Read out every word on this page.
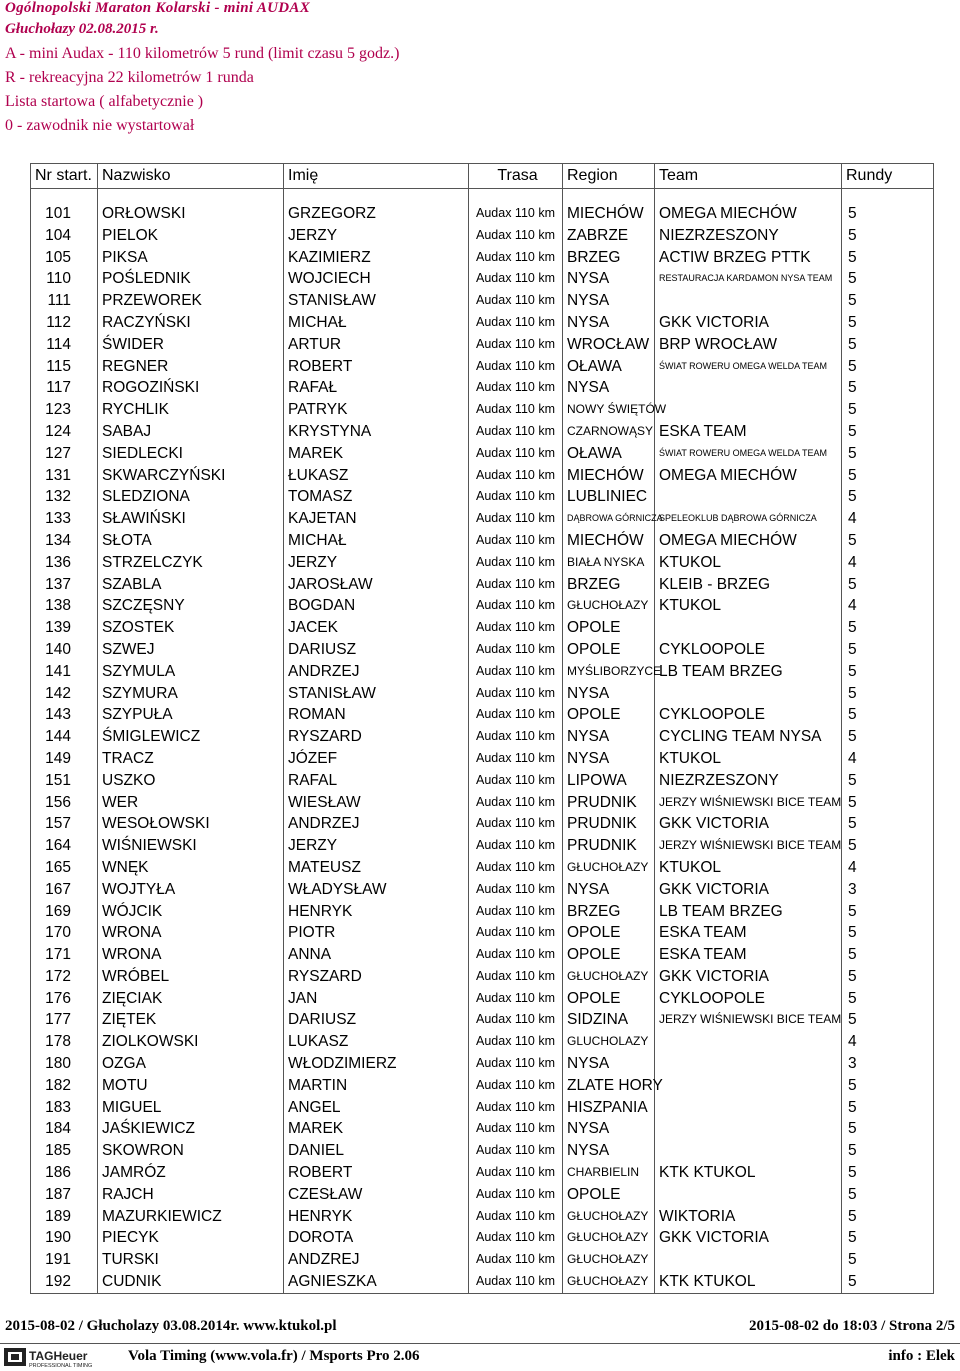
Ogólnopolski Maraton Kolarski - mini AUDAX
Głuchołazy 02.08.2015 r.
A - mini Audax - 110 kilometrów 5 rund (limit czasu 5 godz.)
R - rekreacyjna 22 kilometrów 1 runda
Lista startowa ( alfabetycznie )
0 - zawodnik nie wystartował
Nr start.	Nazwisko	Imię	Trasa	Region	Team	Rundy

101	ORŁOWSKI	GRZEGORZ	Audax 110 km	MIECHÓW	OMEGA MIECHÓW	5
104	PIELOK	JERZY	Audax 110 km	ZABRZE	NIEZRZESZONY	5
105	PIKSA	KAZIMIERZ	Audax 110 km	BRZEG	ACTIW BRZEG PTTK	5
110	POŚLEDNIK	WOJCIECH	Audax 110 km	NYSA	RESTAURACJA KARDAMON NYSA TEAM	5
111	PRZEWOREK	STANISŁAW	Audax 110 km	NYSA		5
112	RACZYŃSKI	MICHAŁ	Audax 110 km	NYSA	GKK VICTORIA	5
114	ŚWIDER	ARTUR	Audax 110 km	WROCŁAW	BRP WROCŁAW	5
115	REGNER	ROBERT	Audax 110 km	OŁAWA	ŚWIAT ROWERU OMEGA WELDA TEAM	5
117	ROGOZIŃSKI	RAFAŁ	Audax 110 km	NYSA		5
123	RYCHLIK	PATRYK	Audax 110 km	NOWY ŚWIĘTÓW		5
124	SABAJ	KRYSTYNA	Audax 110 km	CZARNOWĄSY	ESKA TEAM	5
127	SIEDLECKI	MAREK	Audax 110 km	OŁAWA	ŚWIAT ROWERU OMEGA WELDA TEAM	5
131	SKWARCZYŃSKI	ŁUKASZ	Audax 110 km	MIECHÓW	OMEGA MIECHÓW	5
132	SLEDZIONA	TOMASZ	Audax 110 km	LUBLINIEC		5
133	SŁAWIŃSKI	KAJETAN	Audax 110 km	DĄBROWA GÓRNICZA	SPELEOKLUB DĄBROWA GÓRNICZA	4
134	SŁOTA	MICHAŁ	Audax 110 km	MIECHÓW	OMEGA MIECHÓW	5
136	STRZELCZYK	JERZY	Audax 110 km	BIAŁA NYSKA	KTUKOL	4
137	SZABLA	JAROSŁAW	Audax 110 km	BRZEG	KLEIB - BRZEG	5
138	SZCZĘSNY	BOGDAN	Audax 110 km	GŁUCHOŁAZY	KTUKOL	4
139	SZOSTEK	JACEK	Audax 110 km	OPOLE		5
140	SZWEJ	DARIUSZ	Audax 110 km	OPOLE	CYKLOOPOLE	5
141	SZYMULA	ANDRZEJ	Audax 110 km	MYŚLIBORZYCE	LB TEAM BRZEG	5
142	SZYMURA	STANISŁAW	Audax 110 km	NYSA		5
143	SZYPUŁA	ROMAN	Audax 110 km	OPOLE	CYKLOOPOLE	5
144	ŚMIGLEWICZ	RYSZARD	Audax 110 km	NYSA	CYCLING TEAM NYSA	5
149	TRACZ	JÓZEF	Audax 110 km	NYSA	KTUKOL	4
151	USZKO	RAFAL	Audax 110 km	LIPOWA	NIEZRZESZONY	5
156	WER	WIESŁAW	Audax 110 km	PRUDNIK	JERZY WIŚNIEWSKI BICE TEAM	5
157	WESOŁOWSKI	ANDRZEJ	Audax 110 km	PRUDNIK	GKK VICTORIA	5
164	WIŚNIEWSKI	JERZY	Audax 110 km	PRUDNIK	JERZY WIŚNIEWSKI BICE TEAM	5
165	WNĘK	MATEUSZ	Audax 110 km	GŁUCHOŁAZY	KTUKOL	4
167	WOJTYŁA	WŁADYSŁAW	Audax 110 km	NYSA	GKK VICTORIA	3
169	WÓJCIK	HENRYK	Audax 110 km	BRZEG	LB TEAM BRZEG	5
170	WRONA	PIOTR	Audax 110 km	OPOLE	ESKA TEAM	5
171	WRONA	ANNA	Audax 110 km	OPOLE	ESKA TEAM	5
172	WRÓBEL	RYSZARD	Audax 110 km	GŁUCHOŁAZY	GKK VICTORIA	5
176	ZIĘCIAK	JAN	Audax 110 km	OPOLE	CYKLOOPOLE	5
177	ZIĘTEK	DARIUSZ	Audax 110 km	SIDZINA	JERZY WIŚNIEWSKI BICE TEAM	5
178	ZIOLKOWSKI	LUKASZ	Audax 110 km	GLUCHOLAZY		4
180	OZGA	WŁODZIMIERZ	Audax 110 km	NYSA		3
182	MOTU	MARTIN	Audax 110 km	ZLATE HORY		5
183	MIGUEL	ANGEL	Audax 110 km	HISZPANIA		5
184	JAŚKIEWICZ	MAREK	Audax 110 km	NYSA		5
185	SKOWRON	DANIEL	Audax 110 km	NYSA		5
186	JAMRÓZ	ROBERT	Audax 110 km	CHARBIELIN	KTK KTUKOL	5
187	RAJCH	CZESŁAW	Audax 110 km	OPOLE		5
189	MAZURKIEWICZ	HENRYK	Audax 110 km	GŁUCHOŁAZY	WIKTORIA	5
190	PIECYK	DOROTA	Audax 110 km	GŁUCHOŁAZY	GKK VICTORIA	5
191	TURSKI	ANDZREJ	Audax 110 km	GŁUCHOŁAZY		5
192	CUDNIK	AGNIESZKA	Audax 110 km	GŁUCHOŁAZY	KTK KTUKOL	5
2015-08-02 / Głucholazy 03.08.2014r. www.ktukol.pl	2015-08-02 do 18:03 / Strona 2/5
TAGHeuer
PROFESSIONAL TIMING
Vola Timing (www.vola.fr) / Msports Pro 2.06	info : Elek
